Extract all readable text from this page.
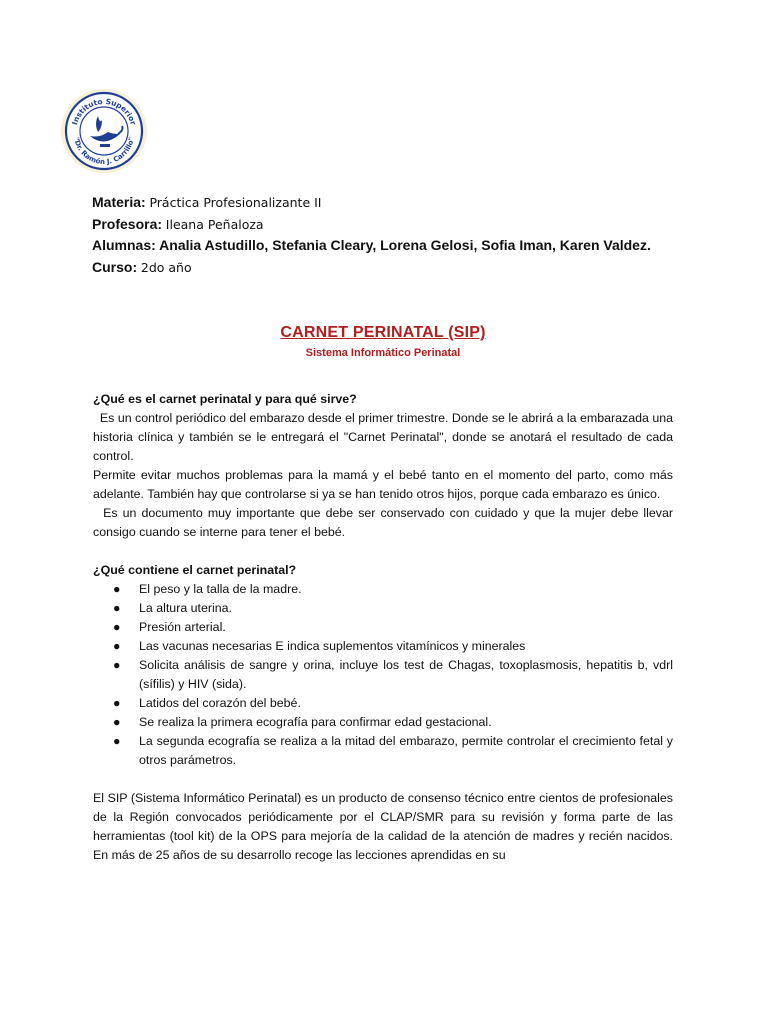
Instituto Superior
"Dr. Ramón J. Carrillo"
Materia: Práctica Profesionalizante II
Profesora: Ileana Peñaloza
Alumnas: Analia Astudillo, Stefania Cleary, Lorena Gelosi, Sofia Iman, Karen Valdez.
Curso: 2do año
CARNET PERINATAL (SIP)
Sistema Informático Perinatal

¿Qué es el carnet perinatal y para qué sirve?

Es un control periódico del embarazo desde el primer trimestre. Donde se le abrirá a la embarazada una historia clínica y también se le entregará el "Carnet Perinatal", donde se anotará el resultado de cada control.

Permite evitar muchos problemas para la mamá y el bebé tanto en el momento del parto, como más adelante. También hay que controlarse si ya se han tenido otros hijos, porque cada embarazo es único.

Es un documento muy importante que debe ser conservado con cuidado y que la mujer debe llevar consigo cuando se interne para tener el bebé.

¿Qué contiene el carnet perinatal?

● El peso y la talla de la madre.
● La altura uterina.
● Presión arterial.
● Las vacunas necesarias E indica suplementos vitamínicos y minerales
● Solicita análisis de sangre y orina, incluye los test de Chagas, toxoplasmosis, hepatitis b, vdrl (sífilis) y HIV (sida).
● Latidos del corazón del bebé.
● Se realiza la primera ecografía para confirmar edad gestacional.
● La segunda ecografía se realiza a la mitad del embarazo, permite controlar el crecimiento fetal y otros parámetros.

El SIP (Sistema Informático Perinatal) es un producto de consenso técnico entre cientos de profesionales de la Región convocados periódicamente por el CLAP/SMR para su revisión y forma parte de las herramientas (tool kit) de la OPS para mejoría de la calidad de la atención de madres y recién nacidos. En más de 25 años de su desarrollo recoge las lecciones aprendidas en su
